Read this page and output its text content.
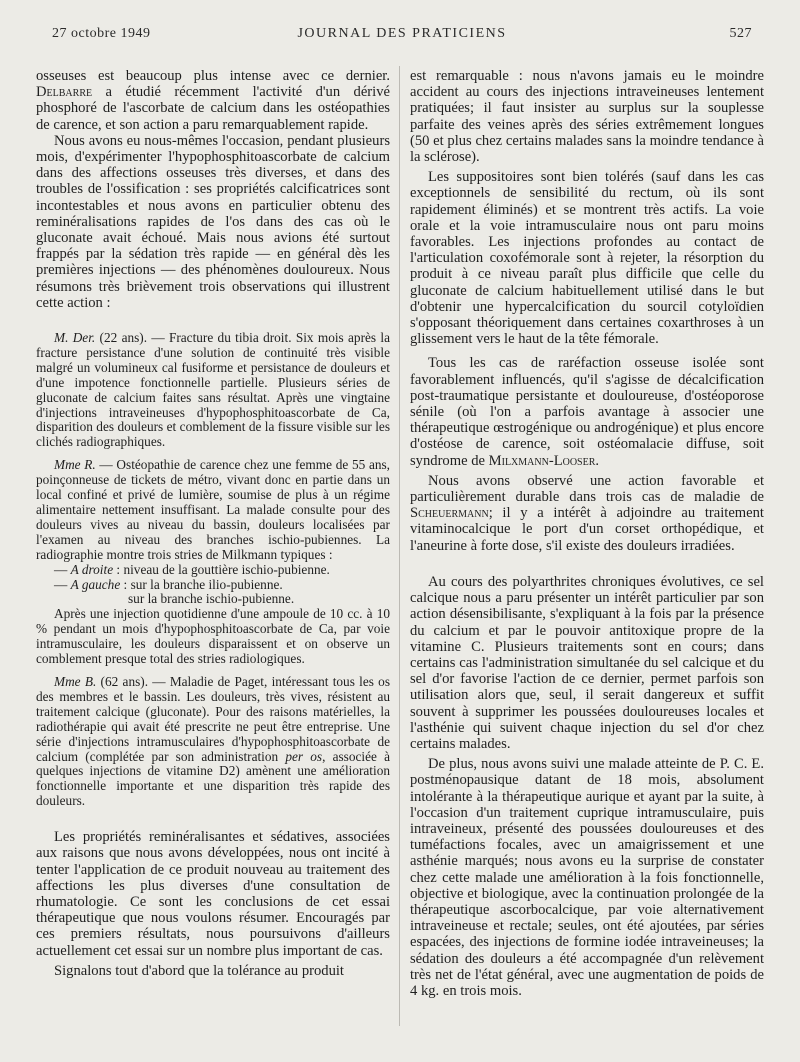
27 octobre 1949	JOURNAL DES PRATICIENS	527

osseuses est beaucoup plus intense avec ce dernier. Delbarre a étudié récemment l'activité d'un dérivé phosphoré de l'ascorbate de calcium dans les ostéopathies de carence, et son action a paru remarquablement rapide.

Nous avons eu nous-mêmes l'occasion, pendant plusieurs mois, d'expérimenter l'hypophosphitoascorbate de calcium dans des affections osseuses très diverses, et dans des troubles de l'ossification : ses propriétés calcificatrices sont incontestables et nous avons en particulier obtenu des reminéralisations rapides de l'os dans des cas où le gluconate avait échoué. Mais nous avions été surtout frappés par la sédation très rapide — en général dès les premières injections — des phénomènes douloureux. Nous résumons très brièvement trois observations qui illustrent cette action :

M. Der. (22 ans). — Fracture du tibia droit. Six mois après la fracture persistance d'une solution de continuité très visible malgré un volumineux cal fusiforme et persistance de douleurs et d'une impotence fonctionnelle partielle. Plusieurs séries de gluconate de calcium faites sans résultat. Après une vingtaine d'injections intraveineuses d'hypophosphitoascorbate de Ca, disparition des douleurs et comblement de la fissure visible sur les clichés radiographiques.

Mme R. — Ostéopathie de carence chez une femme de 55 ans, poinçonneuse de tickets de métro, vivant donc en partie dans un local confiné et privé de lumière, soumise de plus à un régime alimentaire nettement insuffisant. La malade consulte pour des douleurs vives au niveau du bassin, douleurs localisées par l'examen au niveau des branches ischio-pubiennes. La radiographie montre trois stries de Milkmann typiques :

— A droite : niveau de la gouttière ischio-pubienne.
— A gauche : sur la branche ilio-pubienne.
sur la branche ischio-pubienne.

Après une injection quotidienne d'une ampoule de 10 cc. à 10 % pendant un mois d'hypophosphitoascorbate de Ca, par voie intramusculaire, les douleurs disparaissent et on observe un comblement presque total des stries radiologiques.

Mme B. (62 ans). — Maladie de Paget, intéressant tous les os des membres et le bassin. Les douleurs, très vives, résistent au traitement calcique (gluconate). Pour des raisons matérielles, la radiothérapie qui avait été prescrite ne peut être entreprise. Une série d'injections intramusculaires d'hypophosphitoascorbate de calcium (complétée par son administration per os, associée à quelques injections de vitamine D2) amènent une amélioration fonctionnelle importante et une disparition très rapide des douleurs.

Les propriétés reminéralisantes et sédatives, associées aux raisons que nous avons développées, nous ont incité à tenter l'application de ce produit nouveau au traitement des affections les plus diverses d'une consultation de rhumatologie. Ce sont les conclusions de cet essai thérapeutique que nous voulons résumer. Encouragés par ces premiers résultats, nous poursuivons d'ailleurs actuellement cet essai sur un nombre plus important de cas.

Signalons tout d'abord que la tolérance au produit

est remarquable : nous n'avons jamais eu le moindre accident au cours des injections intraveineuses lentement pratiquées; il faut insister au surplus sur la souplesse parfaite des veines après des séries extrêmement longues (50 et plus chez certains malades sans la moindre tendance à la sclérose).

Les suppositoires sont bien tolérés (sauf dans les cas exceptionnels de sensibilité du rectum, où ils sont rapidement éliminés) et se montrent très actifs. La voie orale et la voie intramusculaire nous ont paru moins favorables. Les injections profondes au contact de l'articulation coxofémorale sont à rejeter, la résorption du produit à ce niveau paraît plus difficile que celle du gluconate de calcium habituellement utilisé dans le but d'obtenir une hypercalcification du sourcil cotyloïdien s'opposant théoriquement dans certaines coxarthroses à un glissement vers le haut de la tête fémorale.

Tous les cas de raréfaction osseuse isolée sont favorablement influencés, qu'il s'agisse de décalcification post-traumatique persistante et douloureuse, d'ostéoporose sénile (où l'on a parfois avantage à associer une thérapeutique œstrogénique ou androgénique) et plus encore d'ostéose de carence, soit ostéomalacie diffuse, soit syndrome de Milxmann-Looser.

Nous avons observé une action favorable et particulièrement durable dans trois cas de maladie de Scheuermann; il y a intérêt à adjoindre au traitement vitaminocalcique le port d'un corset orthopédique, et l'aneurine à forte dose, s'il existe des douleurs irradiées.

Au cours des polyarthrites chroniques évolutives, ce sel calcique nous a paru présenter un intérêt particulier par son action désensibilisante, s'expliquant à la fois par la présence du calcium et par le pouvoir antitoxique propre de la vitamine C. Plusieurs traitements sont en cours; dans certains cas l'administration simultanée du sel calcique et du sel d'or favorise l'action de ce dernier, permet parfois son utilisation alors que, seul, il serait dangereux et suffit souvent à supprimer les poussées douloureuses locales et l'asthénie qui suivent chaque injection du sel d'or chez certains malades.

De plus, nous avons suivi une malade atteinte de P. C. E. postménopausique datant de 18 mois, absolument intolérante à la thérapeutique aurique et ayant par la suite, à l'occasion d'un traitement cuprique intramusculaire, puis intraveineux, présenté des poussées douloureuses et des tuméfactions focales, avec un amaigrissement et une asthénie marqués; nous avons eu la surprise de constater chez cette malade une amélioration à la fois fonctionnelle, objective et biologique, avec la continuation prolongée de la thérapeutique ascorbocalcique, par voie alternativement intraveineuse et rectale; seules, ont été ajoutées, par séries espacées, des injections de formine iodée intraveineuses; la sédation des douleurs a été accompagnée d'un relèvement très net de l'état général, avec une augmentation de poids de 4 kg. en trois mois.
